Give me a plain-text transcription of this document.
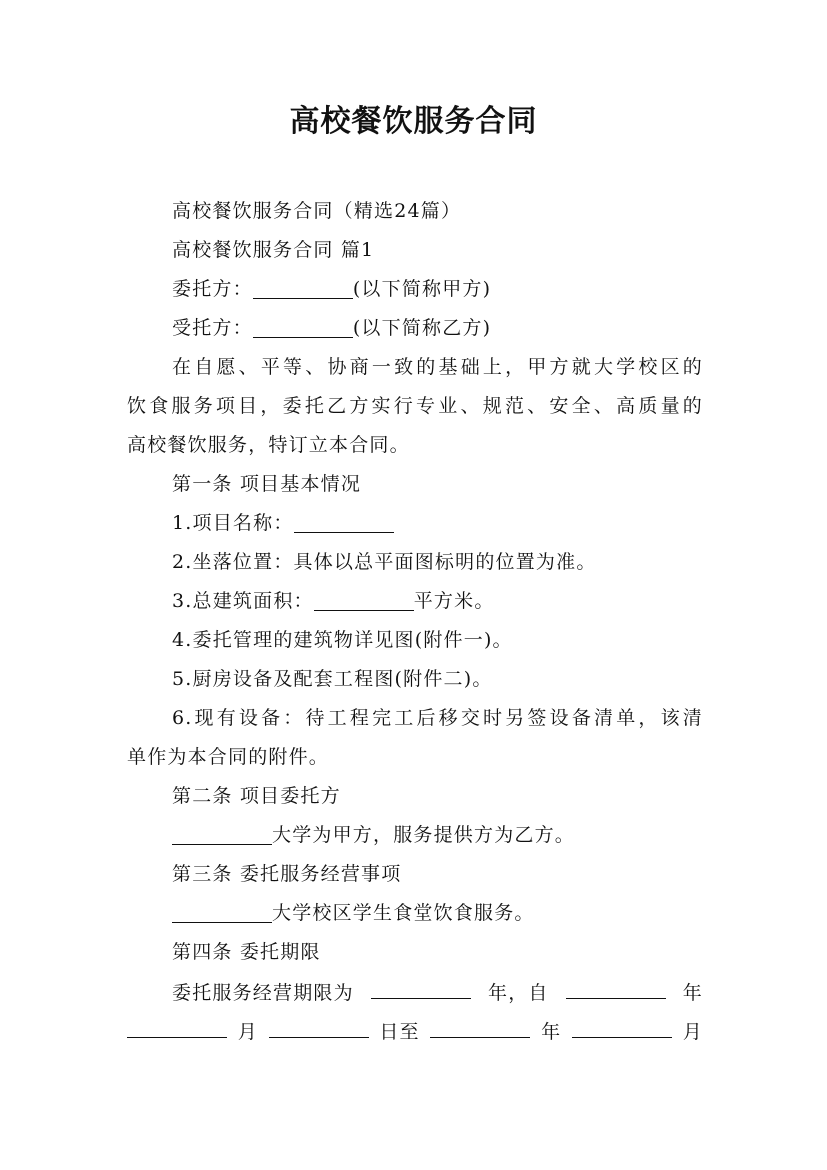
高校餐饮服务合同
高校餐饮服务合同（精选24篇）
高校餐饮服务合同 篇1
委托方：	(以下简称甲方)
受托方：	(以下简称乙方)
在自愿、平等、协商一致的基础上，甲方就大学校区的
饮食服务项目，委托乙方实行专业、规范、安全、高质量的
高校餐饮服务，特订立本合同。
第一条 项目基本情况
1.项目名称：
2.坐落位置：具体以总平面图标明的位置为准。
3.总建筑面积：	平方米。
4.委托管理的建筑物详见图(附件一)。
5.厨房设备及配套工程图(附件二)。
6.现有设备：待工程完工后移交时另签设备清单，该清
单作为本合同的附件。
第二条 项目委托方
大学为甲方，服务提供方为乙方。
第三条 委托服务经营事项
大学校区学生食堂饮食服务。
第四条 委托期限
委托服务经营期限为	年，自	年
月	日至	年	月
